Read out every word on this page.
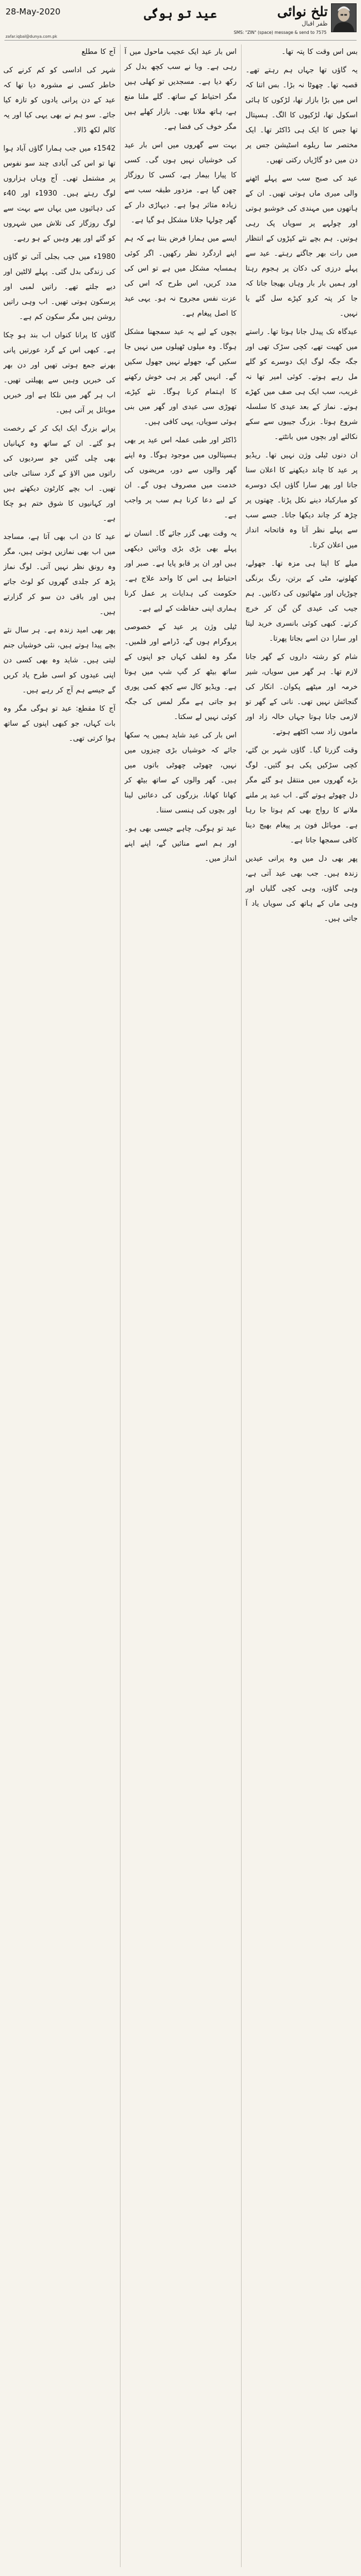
28-May-2020
zafar.iqbal@dunya.com.pk
عید تو ہوگی	تلخ نوائی
ظفر اقبال
SMS: "ZIN" (space) message & send to 7575

بس اس وقت کا پتہ تھا۔

یہ گاؤں تھا جہاں ہم رہتے تھے۔ قصبہ تھا۔ چھوٹا نہ بڑا۔ بس اتنا کہ اس میں بڑا بازار تھا، لڑکوں کا ہائی اسکول تھا، لڑکیوں کا الگ۔ ہسپتال تھا جس کا ایک ہی ڈاکٹر تھا۔ ایک مختصر سا ریلوے اسٹیشن جس پر دن میں دو گاڑیاں رکتی تھیں۔

عید کی صبح سب سے پہلے اٹھنے والی میری ماں ہوتی تھیں۔ ان کے ہاتھوں میں مہندی کی خوشبو ہوتی اور چولہے پر سویاں پک رہی ہوتیں۔ ہم بچے نئے کپڑوں کے انتظار میں رات بھر جاگتے رہتے۔ عید سے پہلے درزی کی دکان پر ہجوم رہتا اور ہمیں بار بار وہاں بھیجا جاتا کہ جا کر پتہ کرو کپڑے سل گئے یا نہیں۔

عیدگاہ تک پیدل جانا ہوتا تھا۔ راستے میں کھیت تھے، کچی سڑک تھی اور جگہ جگہ لوگ ایک دوسرے کو گلے مل رہے ہوتے۔ کوئی امیر تھا نہ غریب، سب ایک ہی صف میں کھڑے ہوتے۔ نماز کے بعد عیدی کا سلسلہ شروع ہوتا۔ بزرگ جیبوں سے سکے نکالتے اور بچوں میں بانٹتے۔

ان دنوں ٹیلی وژن نہیں تھا۔ ریڈیو پر عید کا چاند دیکھنے کا اعلان سنا جاتا اور پھر سارا گاؤں ایک دوسرے کو مبارکباد دینے نکل پڑتا۔ چھتوں پر چڑھ کر چاند دیکھا جاتا۔ جسے سب سے پہلے نظر آتا وہ فاتحانہ انداز میں اعلان کرتا۔

میلے کا اپنا ہی مزہ تھا۔ جھولے، کھلونے، مٹی کے برتن، رنگ برنگی چوڑیاں اور مٹھائیوں کی دکانیں۔ ہم جیب کی عیدی گن گن کر خرچ کرتے۔ کبھی کوئی بانسری خرید لیتا اور سارا دن اسے بجاتا پھرتا۔

شام کو رشتہ داروں کے گھر جانا لازم تھا۔ ہر گھر میں سویاں، شیر خرمہ اور میٹھے پکوان۔ انکار کی گنجائش نہیں تھی۔ نانی کے گھر تو لازمی جانا ہوتا جہاں خالہ زاد اور ماموں زاد سب اکٹھے ہوتے۔

وقت گزرتا گیا۔ گاؤں شہر بن گئے، کچی سڑکیں پکی ہو گئیں۔ لوگ بڑے گھروں میں منتقل ہو گئے مگر دل چھوٹے ہوتے گئے۔ اب عید پر ملنے ملانے کا رواج بھی کم ہوتا جا رہا ہے۔ موبائل فون پر پیغام بھیج دینا کافی سمجھا جاتا ہے۔

پھر بھی دل میں وہ پرانی عیدیں زندہ ہیں۔ جب بھی عید آتی ہے، وہی گاؤں، وہی کچی گلیاں اور وہی ماں کے ہاتھ کی سویاں یاد آ جاتی ہیں۔

اس بار عید ایک عجیب ماحول میں آ رہی ہے۔ وبا نے سب کچھ بدل کر رکھ دیا ہے۔ مسجدیں تو کھلی ہیں مگر احتیاط کے ساتھ۔ گلے ملنا منع ہے، ہاتھ ملانا بھی۔ بازار کھلے ہیں مگر خوف کی فضا ہے۔

بہت سے گھروں میں اس بار عید کی خوشیاں نہیں ہوں گی۔ کسی کا پیارا بیمار ہے، کسی کا روزگار چھن گیا ہے۔ مزدور طبقہ سب سے زیادہ متاثر ہوا ہے۔ دیہاڑی دار کے گھر چولہا جلانا مشکل ہو گیا ہے۔

ایسے میں ہمارا فرض بنتا ہے کہ ہم اپنے اردگرد نظر رکھیں۔ اگر کوئی ہمسایہ مشکل میں ہے تو اس کی مدد کریں، اس طرح کہ اس کی عزت نفس مجروح نہ ہو۔ یہی عید کا اصل پیغام ہے۔

بچوں کے لیے یہ عید سمجھنا مشکل ہوگا۔ وہ میلوں ٹھیلوں میں نہیں جا سکیں گے، جھولے نہیں جھول سکیں گے۔ انہیں گھر پر ہی خوش رکھنے کا اہتمام کرنا ہوگا۔ نئے کپڑے، تھوڑی سی عیدی اور گھر میں بنی ہوئی سویاں، یہی کافی ہیں۔

ڈاکٹر اور طبی عملہ اس عید پر بھی ہسپتالوں میں موجود ہوگا۔ وہ اپنے گھر والوں سے دور، مریضوں کی خدمت میں مصروف ہوں گے۔ ان کے لیے دعا کرنا ہم سب پر واجب ہے۔

یہ وقت بھی گزر جائے گا۔ انسان نے پہلے بھی بڑی بڑی وبائیں دیکھی ہیں اور ان پر قابو پایا ہے۔ صبر اور احتیاط ہی اس کا واحد علاج ہے۔ حکومت کی ہدایات پر عمل کرنا ہماری اپنی حفاظت کے لیے ہے۔

ٹیلی وژن پر عید کے خصوصی پروگرام ہوں گے، ڈرامے اور فلمیں۔ مگر وہ لطف کہاں جو اپنوں کے ساتھ بیٹھ کر گپ شپ میں ہوتا ہے۔ ویڈیو کال سے کچھ کمی پوری ہو جاتی ہے مگر لمس کی جگہ کوئی نہیں لے سکتا۔

اس بار کی عید شاید ہمیں یہ سکھا جائے کہ خوشیاں بڑی چیزوں میں نہیں، چھوٹی چھوٹی باتوں میں ہیں۔ گھر والوں کے ساتھ بیٹھ کر کھانا کھانا، بزرگوں کی دعائیں لینا اور بچوں کی ہنسی سننا۔

عید تو ہوگی، چاہے جیسی بھی ہو۔ اور ہم اسے منائیں گے، اپنے اپنے انداز میں۔

آج کا مطلع

شہر کی اداسی کو کم کرنے کی خاطر کسی نے مشورہ دیا تھا کہ عید کے دن پرانی یادوں کو تازہ کیا جائے۔ سو ہم نے بھی یہی کیا اور یہ کالم لکھ ڈالا۔

1542ء میں جب ہمارا گاؤں آباد ہوا تھا تو اس کی آبادی چند سو نفوس پر مشتمل تھی۔ آج وہاں ہزاروں لوگ رہتے ہیں۔ 1930ء اور 40ء کی دہائیوں میں یہاں سے بہت سے لوگ روزگار کی تلاش میں شہروں کو گئے اور پھر وہیں کے ہو رہے۔

1980ء میں جب بجلی آئی تو گاؤں کی زندگی بدل گئی۔ پہلے لالٹین اور دیے جلتے تھے۔ راتیں لمبی اور پرسکون ہوتی تھیں۔ اب وہی راتیں روشن ہیں مگر سکون کم ہے۔

گاؤں کا پرانا کنواں اب بند ہو چکا ہے۔ کبھی اس کے گرد عورتیں پانی بھرنے جمع ہوتی تھیں اور دن بھر کی خبریں وہیں سے پھیلتی تھیں۔ اب ہر گھر میں نلکا ہے اور خبریں موبائل پر آتی ہیں۔

پرانے بزرگ ایک ایک کر کے رخصت ہو گئے۔ ان کے ساتھ وہ کہانیاں بھی چلی گئیں جو سردیوں کی راتوں میں الاؤ کے گرد سنائی جاتی تھیں۔ اب بچے کارٹون دیکھتے ہیں اور کہانیوں کا شوق ختم ہو چکا ہے۔

عید کا دن اب بھی آتا ہے، مساجد میں اب بھی نمازیں ہوتی ہیں، مگر وہ رونق نظر نہیں آتی۔ لوگ نماز پڑھ کر جلدی گھروں کو لوٹ جاتے ہیں اور باقی دن سو کر گزارتے ہیں۔

پھر بھی امید زندہ ہے۔ ہر سال نئے بچے پیدا ہوتے ہیں، نئی خوشیاں جنم لیتی ہیں۔ شاید وہ بھی کسی دن اپنی عیدوں کو اسی طرح یاد کریں گے جیسے ہم آج کر رہے ہیں۔

آج کا مقطع: عید تو ہوگی مگر وہ بات کہاں، جو کبھی اپنوں کے ساتھ ہوا کرتی تھی۔
